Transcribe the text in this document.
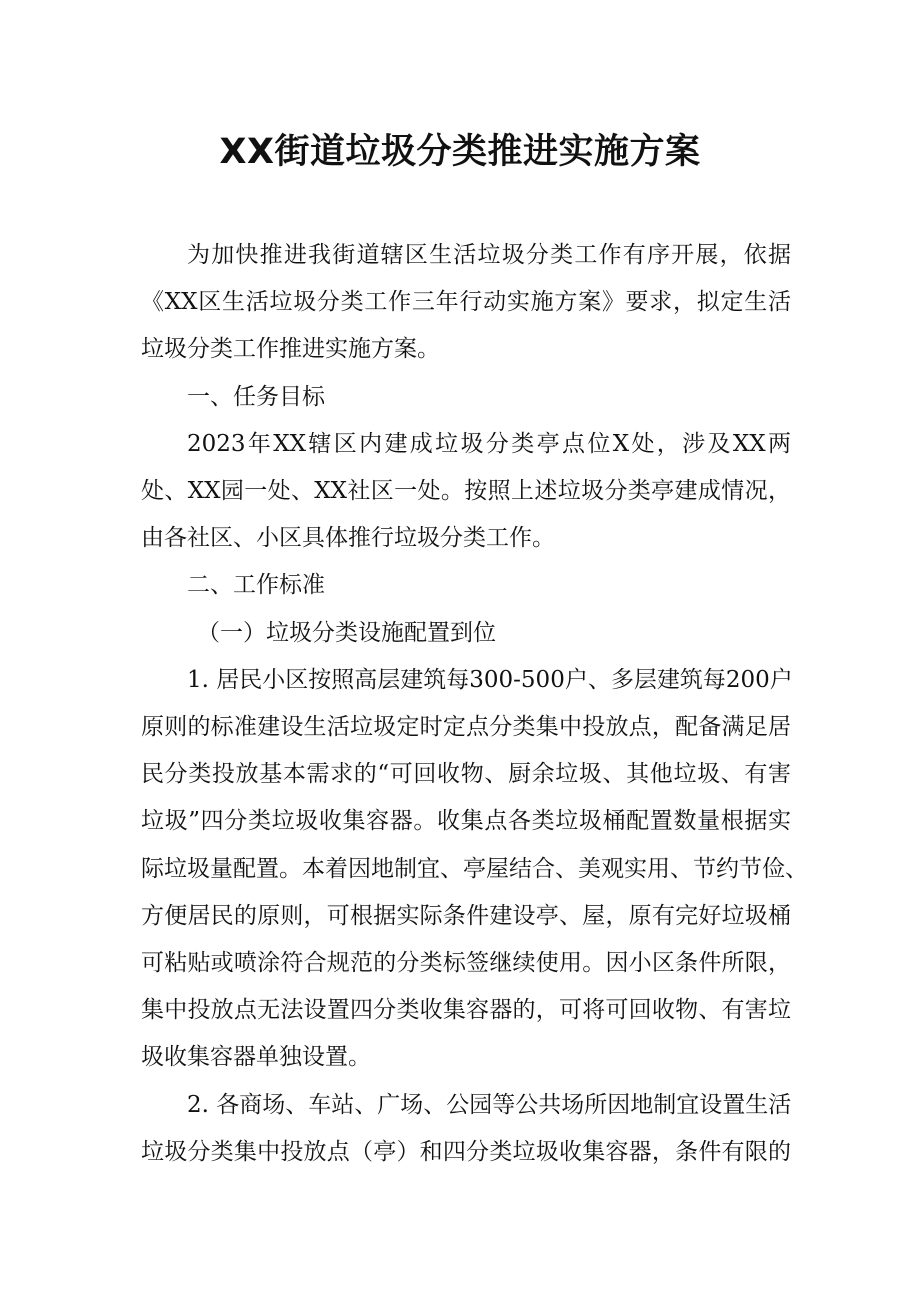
XX街道垃圾分类推进实施方案
为加快推进我街道辖区生活垃圾分类工作有序开展，依据
《XX区生活垃圾分类工作三年行动实施方案》要求，拟定生活
垃圾分类工作推进实施方案。
一、任务目标
2023年XX辖区内建成垃圾分类亭点位X处，涉及XX两
处、XX园一处、XX社区一处。按照上述垃圾分类亭建成情况，
由各社区、小区具体推行垃圾分类工作。
二、工作标准
（一）垃圾分类设施配置到位
1. 居民小区按照高层建筑每300-500户、多层建筑每200户
原则的标准建设生活垃圾定时定点分类集中投放点，配备满足居
民分类投放基本需求的“可回收物、厨余垃圾、其他垃圾、有害
垃圾”四分类垃圾收集容器。收集点各类垃圾桶配置数量根据实
际垃圾量配置。本着因地制宜、亭屋结合、美观实用、节约节俭、
方便居民的原则，可根据实际条件建设亭、屋，原有完好垃圾桶
可粘贴或喷涂符合规范的分类标签继续使用。因小区条件所限，
集中投放点无法设置四分类收集容器的，可将可回收物、有害垃
圾收集容器单独设置。
2. 各商场、车站、广场、公园等公共场所因地制宜设置生活
垃圾分类集中投放点（亭）和四分类垃圾收集容器，条件有限的
